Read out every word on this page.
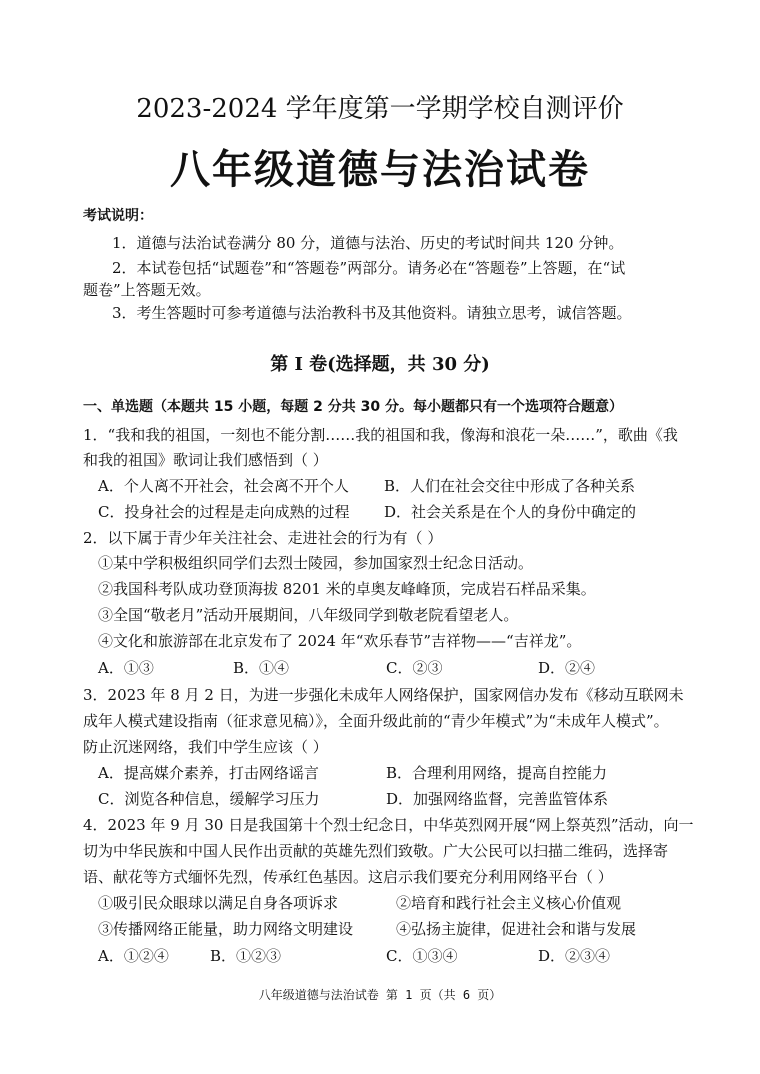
2023-2024 学年度第一学期学校自测评价
八年级道德与法治试卷
考试说明：
1．道德与法治试卷满分 80 分，道德与法治、历史的考试时间共 120 分钟。
2．本试卷包括“试题卷”和“答题卷”两部分。请务必在“答题卷”上答题，在“试
题卷”上答题无效。
3．考生答题时可参考道德与法治教科书及其他资料。请独立思考，诚信答题。
第 I 卷(选择题，共 30 分)
一、单选题（本题共 15 小题，每题 2 分共 30 分。每小题都只有一个选项符合题意）
1．“我和我的祖国，一刻也不能分割……我的祖国和我，像海和浪花一朵……”，歌曲《我
和我的祖国》歌词让我们感悟到（ ）
A．个人离不开社会，社会离不开个人 B．人们在社会交往中形成了各种关系
C．投身社会的过程是走向成熟的过程 D．社会关系是在个人的身份中确定的
2．以下属于青少年关注社会、走进社会的行为有（ ）
①某中学积极组织同学们去烈士陵园，参加国家烈士纪念日活动。
②我国科考队成功登顶海拔 8201 米的卓奥友峰峰顶，完成岩石样品采集。
③全国“敬老月”活动开展期间，八年级同学到敬老院看望老人。
④文化和旅游部在北京发布了 2024 年“欢乐春节”吉祥物——“吉祥龙”。
A．①③	B．①④	C．②③	D．②④
3．2023 年 8 月 2 日，为进一步强化未成年人网络保护，国家网信办发布《移动互联网未
成年人模式建设指南（征求意见稿）》，全面升级此前的“青少年模式”为“未成年人模式”。
防止沉迷网络，我们中学生应该（ ）
A．提高媒介素养，打击网络谣言	B．合理利用网络，提高自控能力
C．浏览各种信息，缓解学习压力	D．加强网络监督，完善监管体系
4．2023 年 9 月 30 日是我国第十个烈士纪念日，中华英烈网开展“网上祭英烈”活动，向一
切为中华民族和中国人民作出贡献的英雄先烈们致敬。广大公民可以扫描二维码，选择寄
语、献花等方式缅怀先烈，传承红色基因。这启示我们要充分利用网络平台（ ）
①吸引民众眼球以满足自身各项诉求	②培育和践行社会主义核心价值观
③传播网络正能量，助力网络文明建设	④弘扬主旋律，促进社会和谐与发展
A．①②④	B．①②③	C．①③④	D．②③④
八年级道德与法治试卷 第 1 页（共 6 页）
